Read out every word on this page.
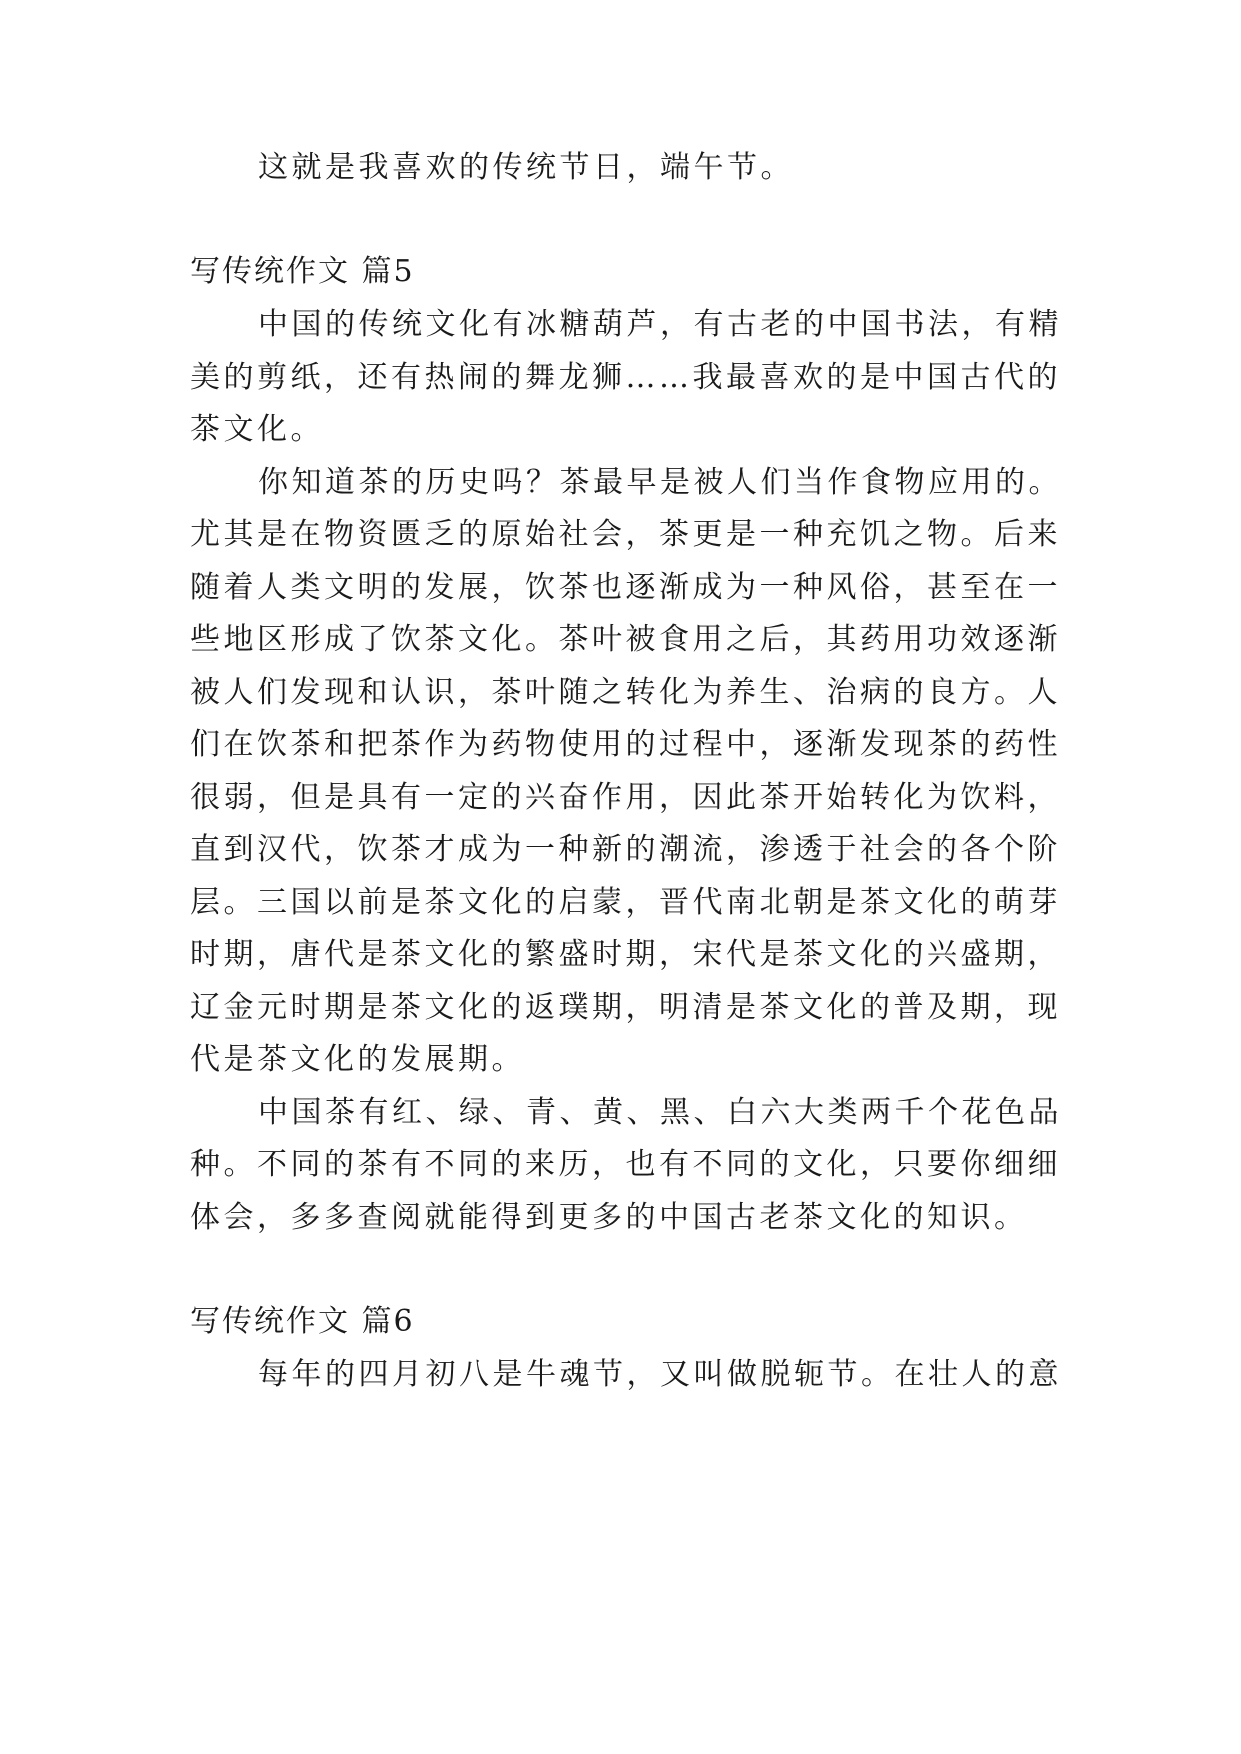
这就是我喜欢的传统节日，端午节。
写传统作文 篇5
中国的传统文化有冰糖葫芦，有古老的中国书法，有精
美的剪纸，还有热闹的舞龙狮……我最喜欢的是中国古代的
茶文化。
你知道茶的历史吗？茶最早是被人们当作食物应用的。
尤其是在物资匮乏的原始社会，茶更是一种充饥之物。后来
随着人类文明的发展，饮茶也逐渐成为一种风俗，甚至在一
些地区形成了饮茶文化。茶叶被食用之后，其药用功效逐渐
被人们发现和认识，茶叶随之转化为养生、治病的良方。人
们在饮茶和把茶作为药物使用的过程中，逐渐发现茶的药性
很弱，但是具有一定的兴奋作用，因此茶开始转化为饮料，
直到汉代，饮茶才成为一种新的潮流，渗透于社会的各个阶
层。三国以前是茶文化的启蒙，晋代南北朝是茶文化的萌芽
时期，唐代是茶文化的繁盛时期，宋代是茶文化的兴盛期，
辽金元时期是茶文化的返璞期，明清是茶文化的普及期，现
代是茶文化的发展期。
中国茶有红、绿、青、黄、黑、白六大类两千个花色品
种。不同的茶有不同的来历，也有不同的文化，只要你细细
体会，多多查阅就能得到更多的中国古老茶文化的知识。
写传统作文 篇6
每年的四月初八是牛魂节，又叫做脱轭节。在壮人的意
